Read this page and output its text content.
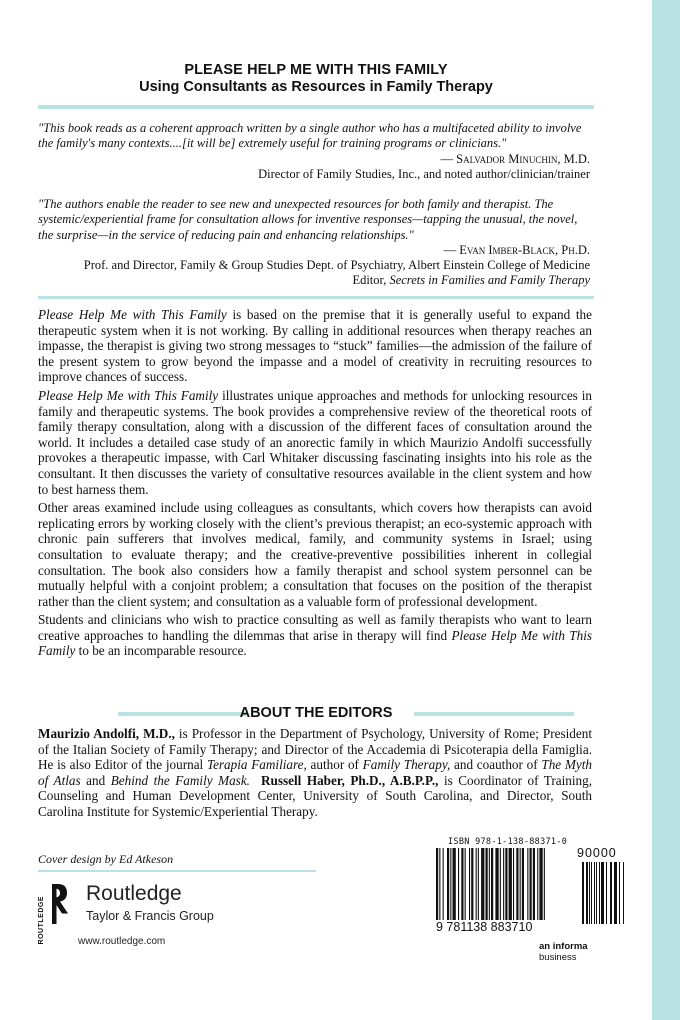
PLEASE HELP ME WITH THIS FAMILY
Using Consultants as Resources in Family Therapy
"This book reads as a coherent approach written by a single author who has a multifaceted ability to involve the family's many contexts....[it will be] extremely useful for training programs or clinicians."
— Salvador Minuchin, M.D.
Director of Family Studies, Inc., and noted author/clinician/trainer
"The authors enable the reader to see new and unexpected resources for both family and therapist. The systemic/experiential frame for consultation allows for inventive responses—tapping the unusual, the novel, the surprise—in the service of reducing pain and enhancing relationships."
— Evan Imber-Black, Ph.D.
Prof. and Director, Family & Group Studies Dept. of Psychiatry, Albert Einstein College of Medicine
Editor, Secrets in Families and Family Therapy

Please Help Me with This Family is based on the premise that it is generally useful to expand the therapeutic system when it is not working. By calling in additional resources when therapy reaches an impasse, the therapist is giving two strong messages to “stuck” families—the admission of the failure of the present system to grow beyond the impasse and a model of creativity in recruiting resources to improve chances of success.

Please Help Me with This Family illustrates unique approaches and methods for unlocking resources in family and therapeutic systems. The book provides a comprehensive review of the theoretical roots of family therapy consultation, along with a discussion of the different faces of consultation around the world. It includes a detailed case study of an anorectic family in which Maurizio Andolfi successfully provokes a therapeutic impasse, with Carl Whitaker discussing fascinating insights into his role as the consultant. It then discusses the variety of consultative resources available in the client system and how to best harness them.

Other areas examined include using colleagues as consultants, which covers how therapists can avoid replicating errors by working closely with the client’s previous therapist; an eco-systemic approach with chronic pain sufferers that involves medical, family, and community systems in Israel; using consultation to evaluate therapy; and the creative-preventive possibilities inherent in collegial consultation. The book also considers how a family therapist and school system personnel can be mutually helpful with a conjoint problem; a consultation that focuses on the position of the therapist rather than the client system; and consultation as a valuable form of professional development.

Students and clinicians who wish to practice consulting as well as family therapists who want to learn creative approaches to handling the dilemmas that arise in therapy will find Please Help Me with This Family to be an incomparable resource.

ABOUT THE EDITORS
Maurizio Andolfi, M.D., is Professor in the Department of Psychology, University of Rome; President of the Italian Society of Family Therapy; and Director of the Accademia di Psicoterapia della Famiglia. He is also Editor of the journal Terapia Familiare, author of Family Therapy, and coauthor of The Myth of Atlas and Behind the Family Mask. Russell Haber, Ph.D., A.B.P.P., is Coordinator of Training, Counseling and Human Development Center, University of South Carolina, and Director, South Carolina Institute for Systemic/Experiential Therapy.
Cover design by Ed Atkeson
ROUTLEDGE
Routledge
Taylor & Francis Group
www.routledge.com
ISBN 978-1-138-88371-0
90000
9 781138 883710
an informa business
